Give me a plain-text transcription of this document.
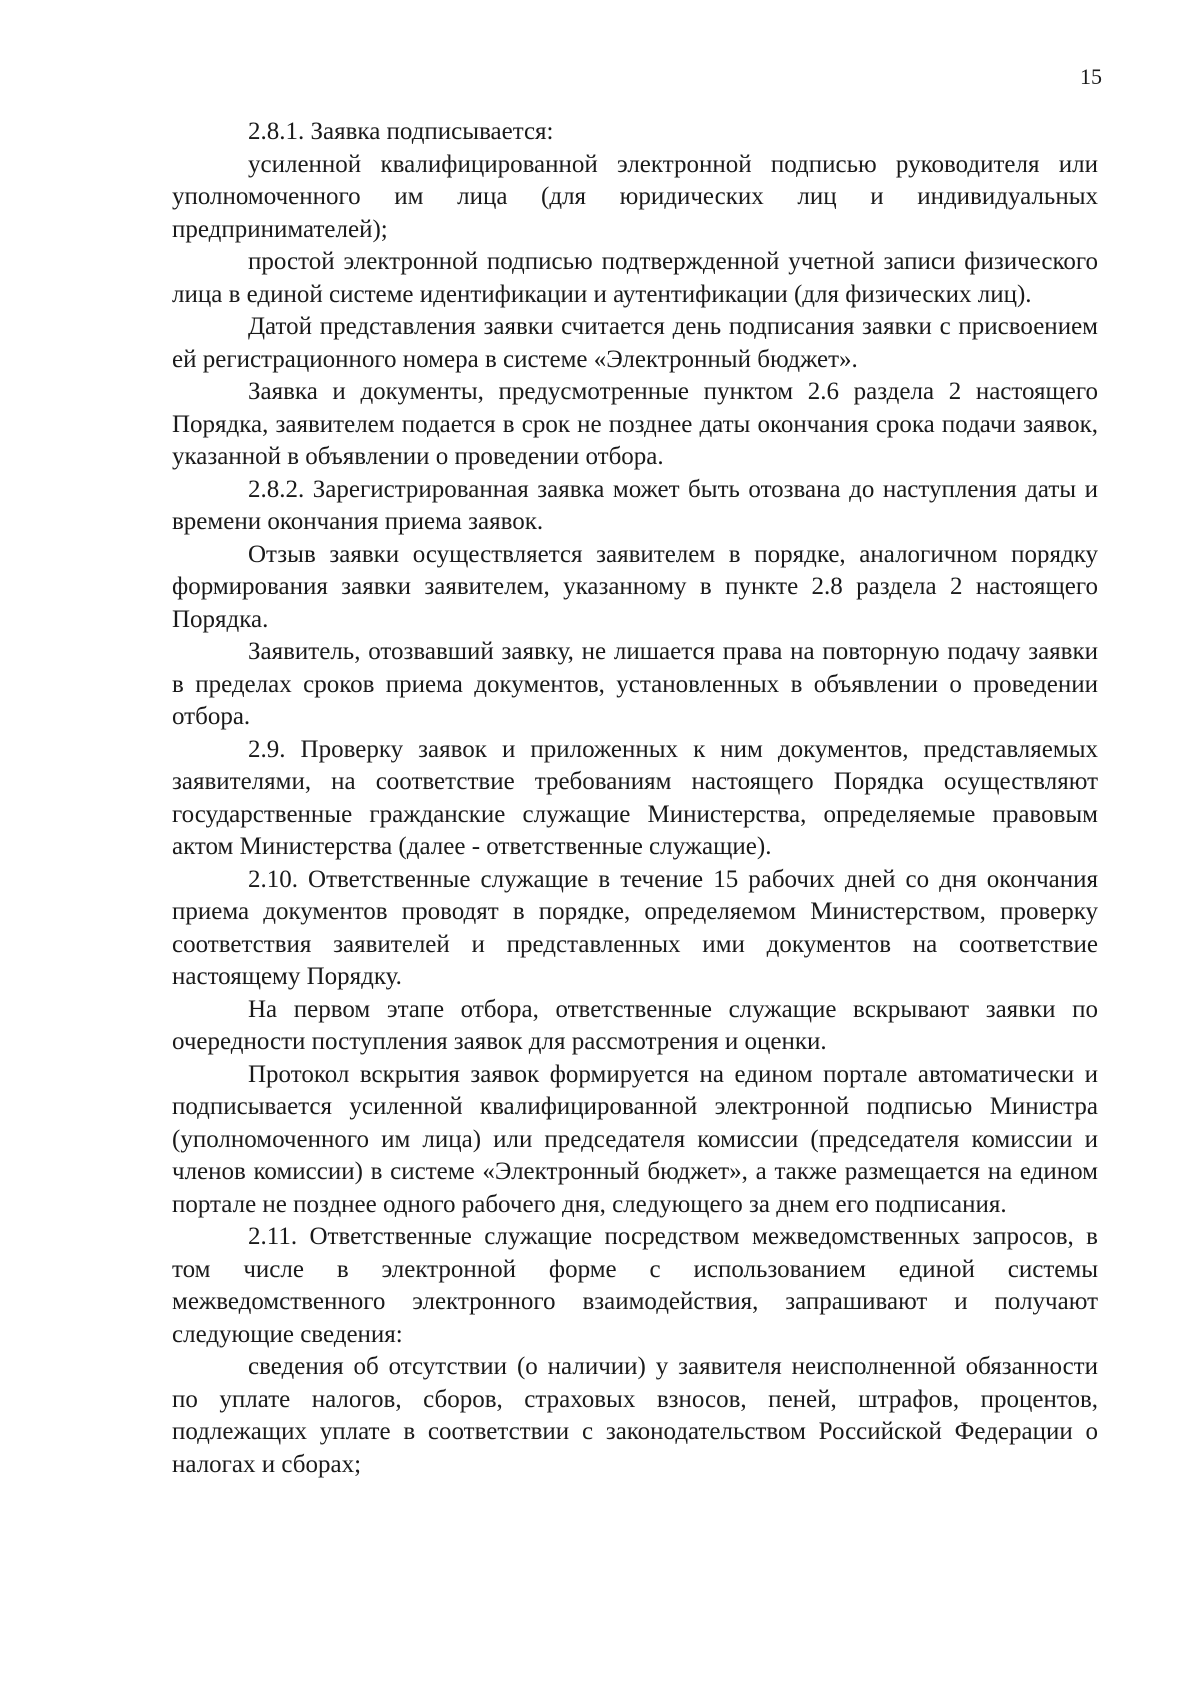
15

2.8.1. Заявка подписывается:

усиленной квалифицированной электронной подписью руководителя или уполномоченного им лица (для юридических лиц и индивидуальных предпринимателей);

простой электронной подписью подтвержденной учетной записи физического лица в единой системе идентификации и аутентификации (для физических лиц).

Датой представления заявки считается день подписания заявки с присвоением ей регистрационного номера в системе «Электронный бюджет».

Заявка и документы, предусмотренные пунктом 2.6 раздела 2 настоящего Порядка, заявителем подается в срок не позднее даты окончания срока подачи заявок, указанной в объявлении о проведении отбора.

2.8.2. Зарегистрированная заявка может быть отозвана до наступления даты и времени окончания приема заявок.

Отзыв заявки осуществляется заявителем в порядке, аналогичном порядку формирования заявки заявителем, указанному в пункте 2.8 раздела 2 настоящего Порядка.

Заявитель, отозвавший заявку, не лишается права на повторную подачу заявки в пределах сроков приема документов, установленных в объявлении о проведении отбора.

2.9. Проверку заявок и приложенных к ним документов, представляемых заявителями, на соответствие требованиям настоящего Порядка осуществляют государственные гражданские служащие Министерства, определяемые правовым актом Министерства (далее - ответственные служащие).

2.10. Ответственные служащие в течение 15 рабочих дней со дня окончания приема документов проводят в порядке, определяемом Министерством, проверку соответствия заявителей и представленных ими документов на соответствие настоящему Порядку.

На первом этапе отбора, ответственные служащие вскрывают заявки по очередности поступления заявок для рассмотрения и оценки.

Протокол вскрытия заявок формируется на едином портале автоматически и подписывается усиленной квалифицированной электронной подписью Министра (уполномоченного им лица) или председателя комиссии (председателя комиссии и членов комиссии) в системе «Электронный бюджет», а также размещается на едином портале не позднее одного рабочего дня, следующего за днем его подписания.

2.11. Ответственные служащие посредством межведомственных запросов, в том числе в электронной форме с использованием единой системы межведомственного электронного взаимодействия, запрашивают и получают следующие сведения:

сведения об отсутствии (о наличии) у заявителя неисполненной обязанности по уплате налогов, сборов, страховых взносов, пеней, штрафов, процентов, подлежащих уплате в соответствии с законодательством Российской Федерации о налогах и сборах;
